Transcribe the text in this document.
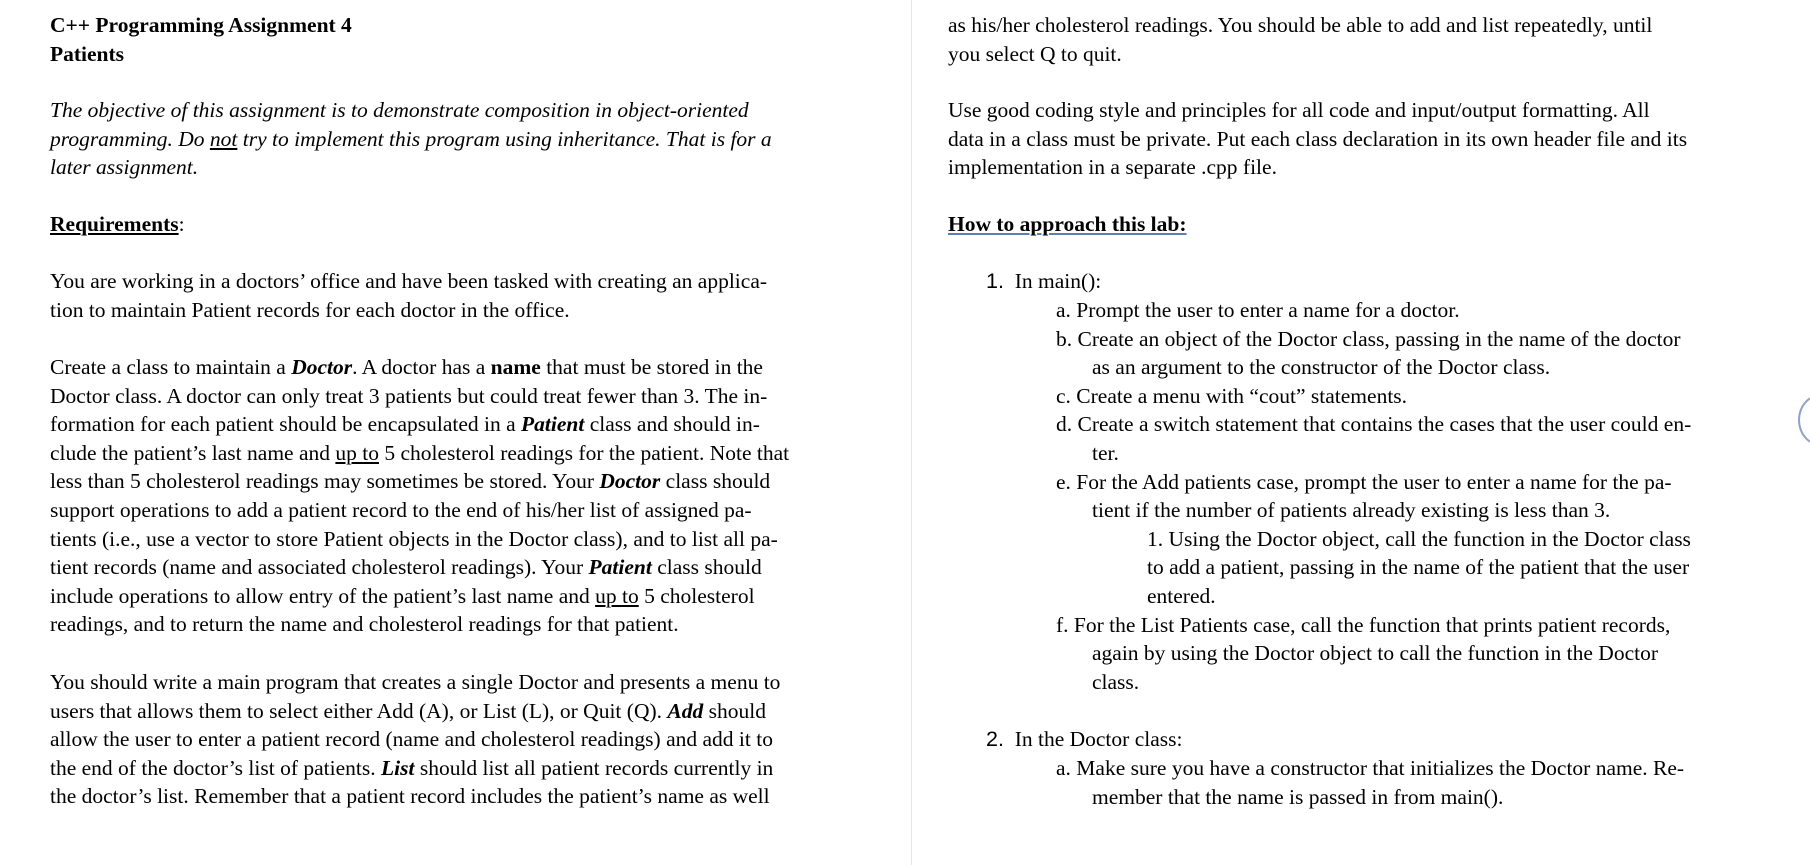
C++ Programming Assignment 4
Patients
The objective of this assignment is to demonstrate composition in object-oriented
programming. Do not try to implement this program using inheritance. That is for a
later assignment.
Requirements:
You are working in a doctors’ office and have been tasked with creating an applica-
tion to maintain Patient records for each doctor in the office.
Create a class to maintain a Doctor. A doctor has a name that must be stored in the
Doctor class. A doctor can only treat 3 patients but could treat fewer than 3. The in-
formation for each patient should be encapsulated in a Patient class and should in-
clude the patient’s last name and up to 5 cholesterol readings for the patient. Note that
less than 5 cholesterol readings may sometimes be stored. Your Doctor class should
support operations to add a patient record to the end of his/her list of assigned pa-
tients (i.e., use a vector to store Patient objects in the Doctor class), and to list all pa-
tient records (name and associated cholesterol readings). Your Patient class should
include operations to allow entry of the patient’s last name and up to 5 cholesterol
readings, and to return the name and cholesterol readings for that patient.
You should write a main program that creates a single Doctor and presents a menu to
users that allows them to select either Add (A), or List (L), or Quit (Q). Add should
allow the user to enter a patient record (name and cholesterol readings) and add it to
the end of the doctor’s list of patients. List should list all patient records currently in
the doctor’s list. Remember that a patient record includes the patient’s name as well
as his/her cholesterol readings. You should be able to add and list repeatedly, until
you select Q to quit.
Use good coding style and principles for all code and input/output formatting. All
data in a class must be private. Put each class declaration in its own header file and its
implementation in a separate .cpp file.
How to approach this lab:
1. In main():
a. Prompt the user to enter a name for a doctor.
b. Create an object of the Doctor class, passing in the name of the doctor
as an argument to the constructor of the Doctor class.
c. Create a menu with “cout” statements.
d. Create a switch statement that contains the cases that the user could en-
ter.
e. For the Add patients case, prompt the user to enter a name for the pa-
tient if the number of patients already existing is less than 3.
1. Using the Doctor object, call the function in the Doctor class
to add a patient, passing in the name of the patient that the user
entered.
f. For the List Patients case, call the function that prints patient records,
again by using the Doctor object to call the function in the Doctor
class.
2. In the Doctor class:
a. Make sure you have a constructor that initializes the Doctor name. Re-
member that the name is passed in from main().
